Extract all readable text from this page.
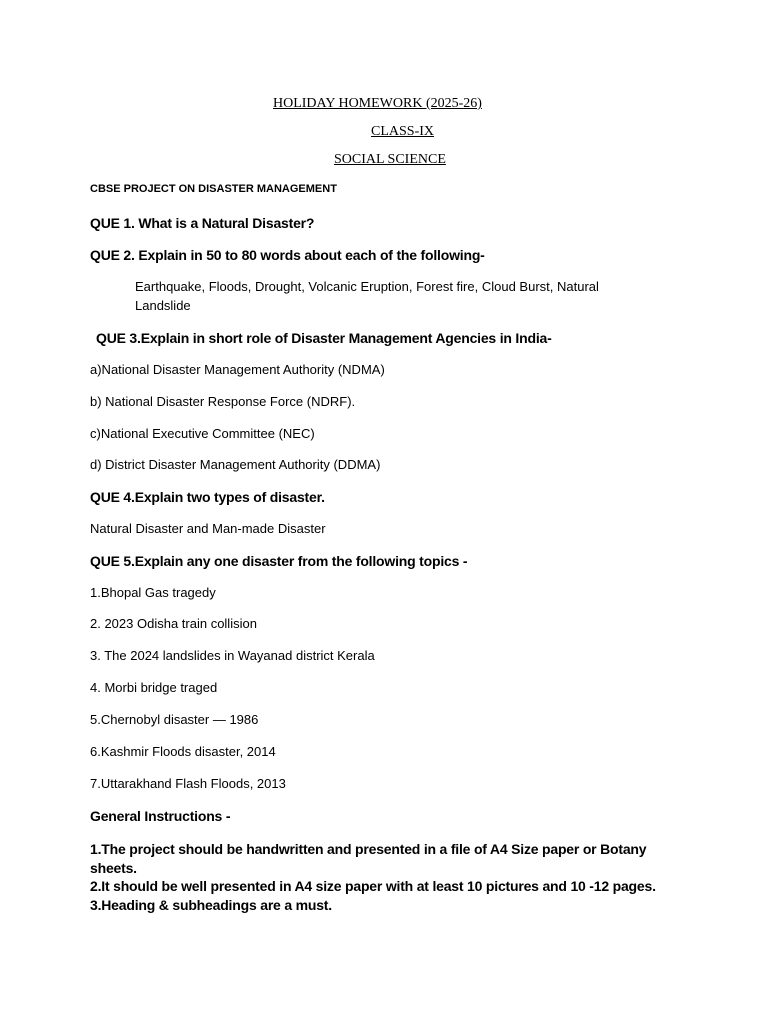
HOLIDAY HOMEWORK (2025-26)
CLASS-IX
SOCIAL SCIENCE
CBSE PROJECT ON DISASTER MANAGEMENT
QUE 1. What is a Natural Disaster?
QUE 2. Explain in 50 to 80 words about each of the following-
Earthquake, Floods, Drought, Volcanic Eruption, Forest fire, Cloud Burst, Natural
Landslide
QUE 3.Explain in short role of Disaster Management Agencies in India-
a)National Disaster Management Authority (NDMA)
b) National Disaster Response Force (NDRF).
c)National Executive Committee (NEC)
d) District Disaster Management Authority (DDMA)
QUE 4.Explain two types of disaster.
Natural Disaster and Man-made Disaster
QUE 5.Explain any one disaster from the following topics -
1.Bhopal Gas tragedy
2. 2023 Odisha train collision
3. The 2024 landslides in Wayanad district Kerala
4. Morbi bridge traged
5.Chernobyl disaster — 1986
6.Kashmir Floods disaster, 2014
7.Uttarakhand Flash Floods, 2013
General Instructions -
1.The project should be handwritten and presented in a file of A4 Size paper or Botany sheets.
2.It should be well presented in A4 size paper with at least 10 pictures and 10 -12 pages.
3.Heading & subheadings are a must.
